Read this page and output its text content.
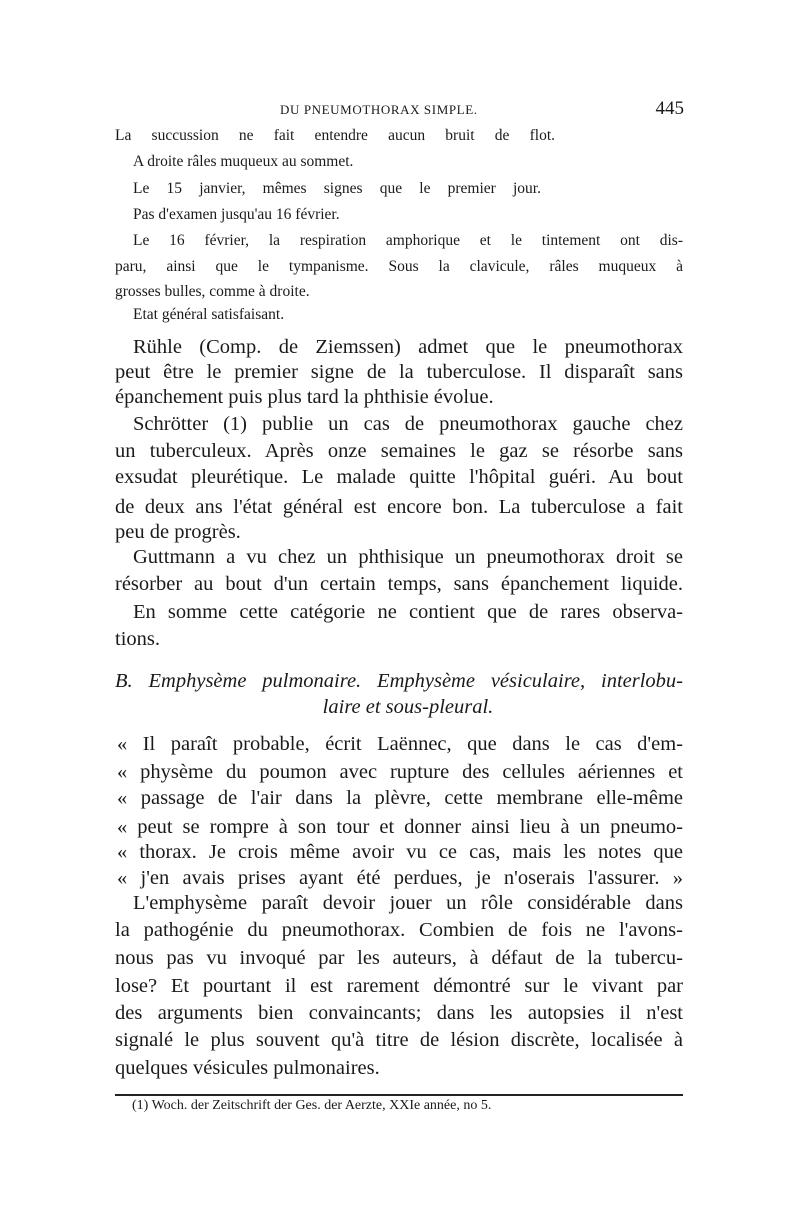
DU PNEUMOTHORAX SIMPLE.	445
La succussion ne fait entendre aucun bruit de flot.
A droite râles muqueux au sommet.
Le 15 janvier, mêmes signes que le premier jour.
Pas d'examen jusqu'au 16 février.
Le 16 février, la respiration amphorique et le tintement ont dis-
paru, ainsi que le tympanisme. Sous la clavicule, râles muqueux à
grosses bulles, comme à droite.
Etat général satisfaisant.
Rühle (Comp. de Ziemssen) admet que le pneumothorax
peut être le premier signe de la tuberculose. Il disparaît sans
épanchement puis plus tard la phthisie évolue.
Schrötter (1) publie un cas de pneumothorax gauche chez
un tuberculeux. Après onze semaines le gaz se résorbe sans
exsudat pleurétique. Le malade quitte l'hôpital guéri. Au bout
de deux ans l'état général est encore bon. La tuberculose a fait
peu de progrès.
Guttmann a vu chez un phthisique un pneumothorax droit se
résorber au bout d'un certain temps, sans épanchement liquide.
En somme cette catégorie ne contient que de rares observa-
tions.
B. Emphysème pulmonaire. Emphysème vésiculaire, interlobu-
laire et sous-pleural.
« Il paraît probable, écrit Laënnec, que dans le cas d'em-
« physème du poumon avec rupture des cellules aériennes et
« passage de l'air dans la plèvre, cette membrane elle-même
« peut se rompre à son tour et donner ainsi lieu à un pneumo-
« thorax. Je crois même avoir vu ce cas, mais les notes que
« j'en avais prises ayant été perdues, je n'oserais l'assurer. »
L'emphysème paraît devoir jouer un rôle considérable dans
la pathogénie du pneumothorax. Combien de fois ne l'avons-
nous pas vu invoqué par les auteurs, à défaut de la tubercu-
lose? Et pourtant il est rarement démontré sur le vivant par
des arguments bien convaincants; dans les autopsies il n'est
signalé le plus souvent qu'à titre de lésion discrète, localisée à
quelques vésicules pulmonaires.
(1) Woch. der Zeitschrift der Ges. der Aerzte, XXIe année, no 5.
